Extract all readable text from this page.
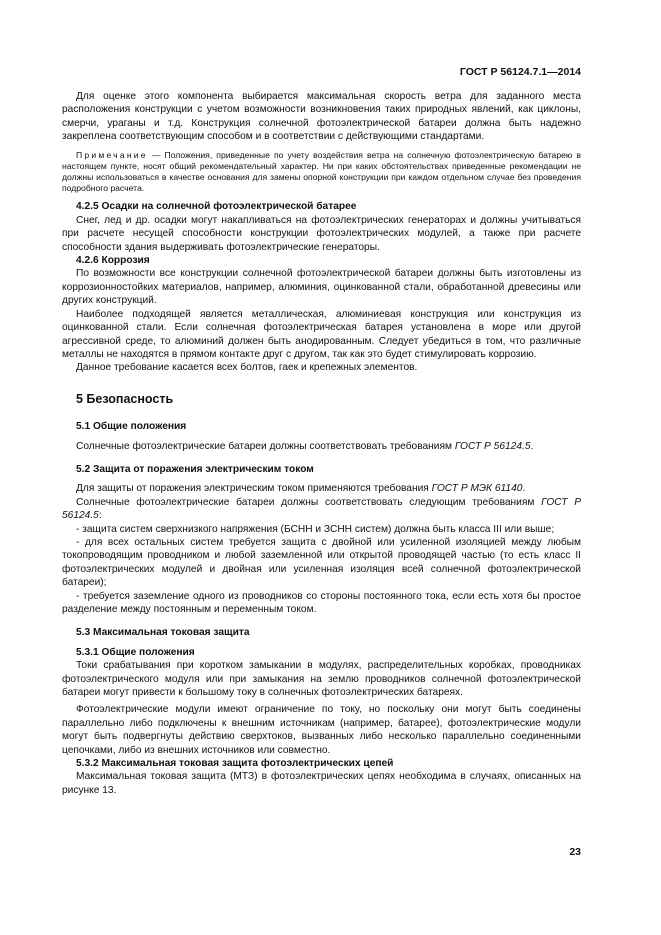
ГОСТ Р 56124.7.1—2014

Для оценке этого компонента выбирается максимальная скорость ветра для заданного места расположения конструкции с учетом возможности возникновения таких природных явлений, как циклоны, смерчи, ураганы и т.д. Конструкция солнечной фотоэлектрической батареи должна быть надежно закреплена соответствующим способом и в соответствии с действующими стандартами.

Примечание — Положения, приведенные по учету воздействия ветра на солнечную фотоэлектрическую батарею в настоящем пункте, носят общий рекомендательный характер. Ни при каких обстоятельствах приведенные рекомендации не должны использоваться в качестве основания для замены опорной конструкции при каждом отдельном случае без проведения подробного расчета.

4.2.5 Осадки на солнечной фотоэлектрической батарее

Снег, лед и др. осадки могут накапливаться на фотоэлектрических генераторах и должны учитываться при расчете несущей способности конструкции фотоэлектрических модулей, а также при расчете способности здания выдерживать фотоэлектрические генераторы.

4.2.6 Коррозия

По возможности все конструкции солнечной фотоэлектрической батареи должны быть изготовлены из коррозионностойких материалов, например, алюминия, оцинкованной стали, обработанной древесины или других конструкций.

Наиболее подходящей является металлическая, алюминиевая конструкция или конструкция из оцинкованной стали. Если солнечная фотоэлектрическая батарея установлена в море или другой агрессивной среде, то алюминий должен быть анодированным. Следует убедиться в том, что различные металлы не находятся в прямом контакте друг с другом, так как это будет стимулировать коррозию.

Данное требование касается всех болтов, гаек и крепежных элементов.

5 Безопасность

5.1 Общие положения

Солнечные фотоэлектрические батареи должны соответствовать требованиям ГОСТ Р 56124.5.

5.2 Защита от поражения электрическим током

Для защиты от поражения электрическим током применяются требования ГОСТ Р МЭК 61140.

Солнечные фотоэлектрические батареи должны соответствовать следующим требованиям ГОСТ Р 56124.5:

- защита систем сверхнизкого напряжения (БСНН и ЗСНН систем) должна быть класса III или выше;

- для всех остальных систем требуется защита с двойной или усиленной изоляцией между любым токопроводящим проводником и любой заземленной или открытой проводящей частью (то есть класс II фотоэлектрических модулей и двойная или усиленная изоляция всей солнечной фотоэлектрической батареи);

- требуется заземление одного из проводников со стороны постоянного тока, если есть хотя бы простое разделение между постоянным и переменным током.

5.3 Максимальная токовая защита

5.3.1 Общие положения

Токи срабатывания при коротком замыкании в модулях, распределительных коробках, проводниках фотоэлектрического модуля или при замыкания на землю проводников солнечной фотоэлектрической батареи могут привести к большому току в солнечных фотоэлектрических батареях.

Фотоэлектрические модули имеют ограничение по току, но поскольку они могут быть соединены параллельно либо подключены к внешним источникам (например, батарее), фотоэлектрические модули могут быть подвергнуты действию сверхтоков, вызванных либо несколько параллельно соединенными цепочками, либо из внешних источников или совместно.

5.3.2 Максимальная токовая защита фотоэлектрических цепей

Максимальная токовая защита (МТЗ) в фотоэлектрических цепях необходима в случаях, описанных на рисунке 13.

23
